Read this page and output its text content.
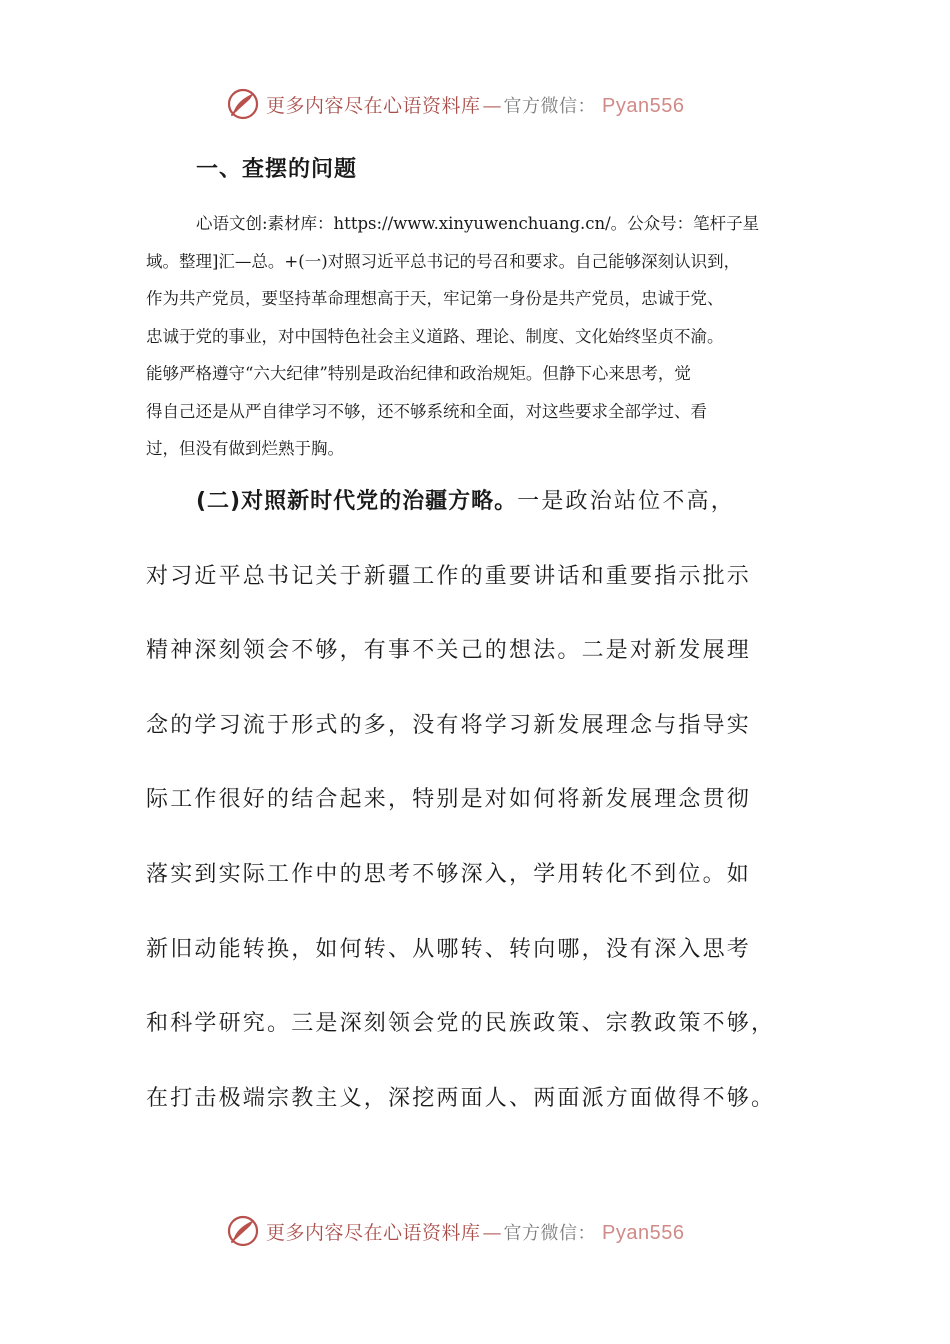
更多内容尽在心语资料库 — 官方微信： Pyan556
一、查摆的问题
心语文创:素材库：https://www.xinyuwenchuang.cn/。公众号：笔杆子星
域。整理]汇—总。+(一)对照习近平总书记的号召和要求。自己能够深刻认识到，
作为共产党员，要坚持革命理想高于天，牢记第一身份是共产党员，忠诚于党、
忠诚于党的事业，对中国特色社会主义道路、理论、制度、文化始终坚贞不渝。
能够严格遵守“六大纪律”特别是政治纪律和政治规矩。但静下心来思考，觉
得自己还是从严自律学习不够，还不够系统和全面，对这些要求全部学过、看
过，但没有做到烂熟于胸。
(二)对照新时代党的治疆方略。一是政治站位不高，
对习近平总书记关于新疆工作的重要讲话和重要指示批示
精神深刻领会不够，有事不关己的想法。二是对新发展理
念的学习流于形式的多，没有将学习新发展理念与指导实
际工作很好的结合起来，特别是对如何将新发展理念贯彻
落实到实际工作中的思考不够深入，学用转化不到位。如
新旧动能转换，如何转、从哪转、转向哪，没有深入思考
和科学研究。三是深刻领会党的民族政策、宗教政策不够，
在打击极端宗教主义，深挖两面人、两面派方面做得不够。
更多内容尽在心语资料库 — 官方微信： Pyan556
